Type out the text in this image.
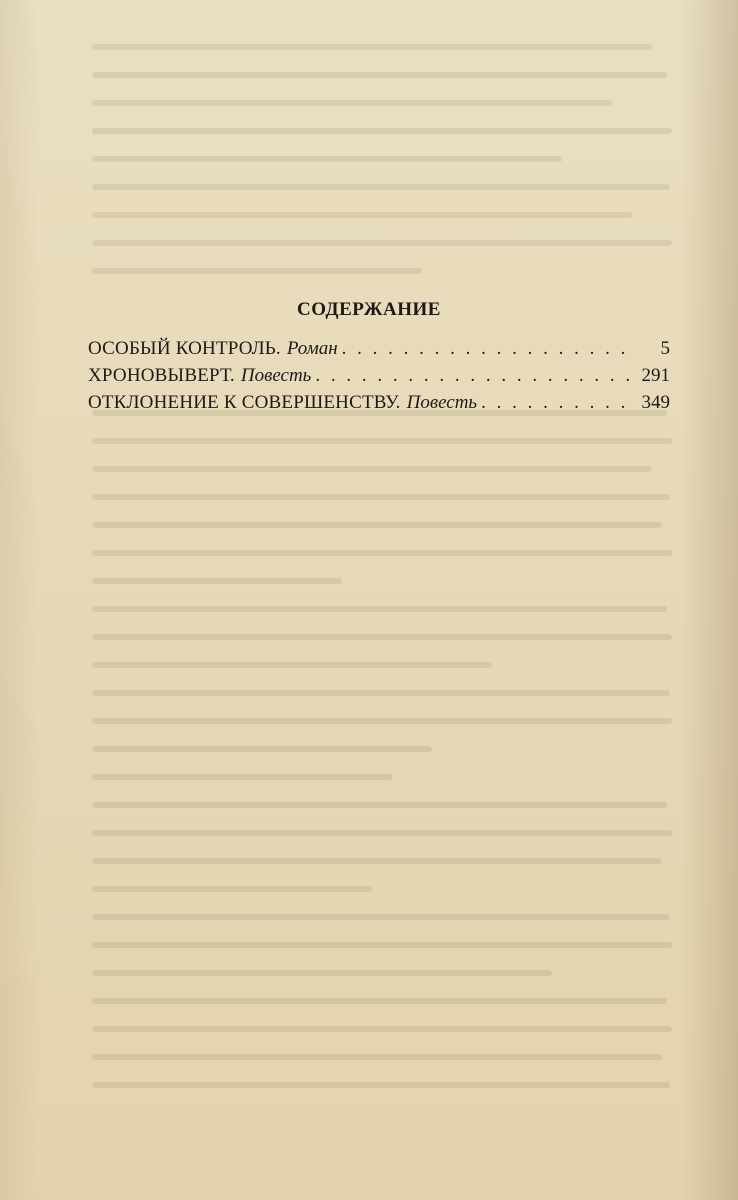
СОДЕРЖАНИЕ
ОСОБЫЙ КОНТРОЛЬ. Роман . . .	5
ХРОНОВЫВЕРТ. Повесть . . .	291
ОТКЛОНЕНИЕ К СОВЕРШЕНСТВУ. Повесть . . .	349
